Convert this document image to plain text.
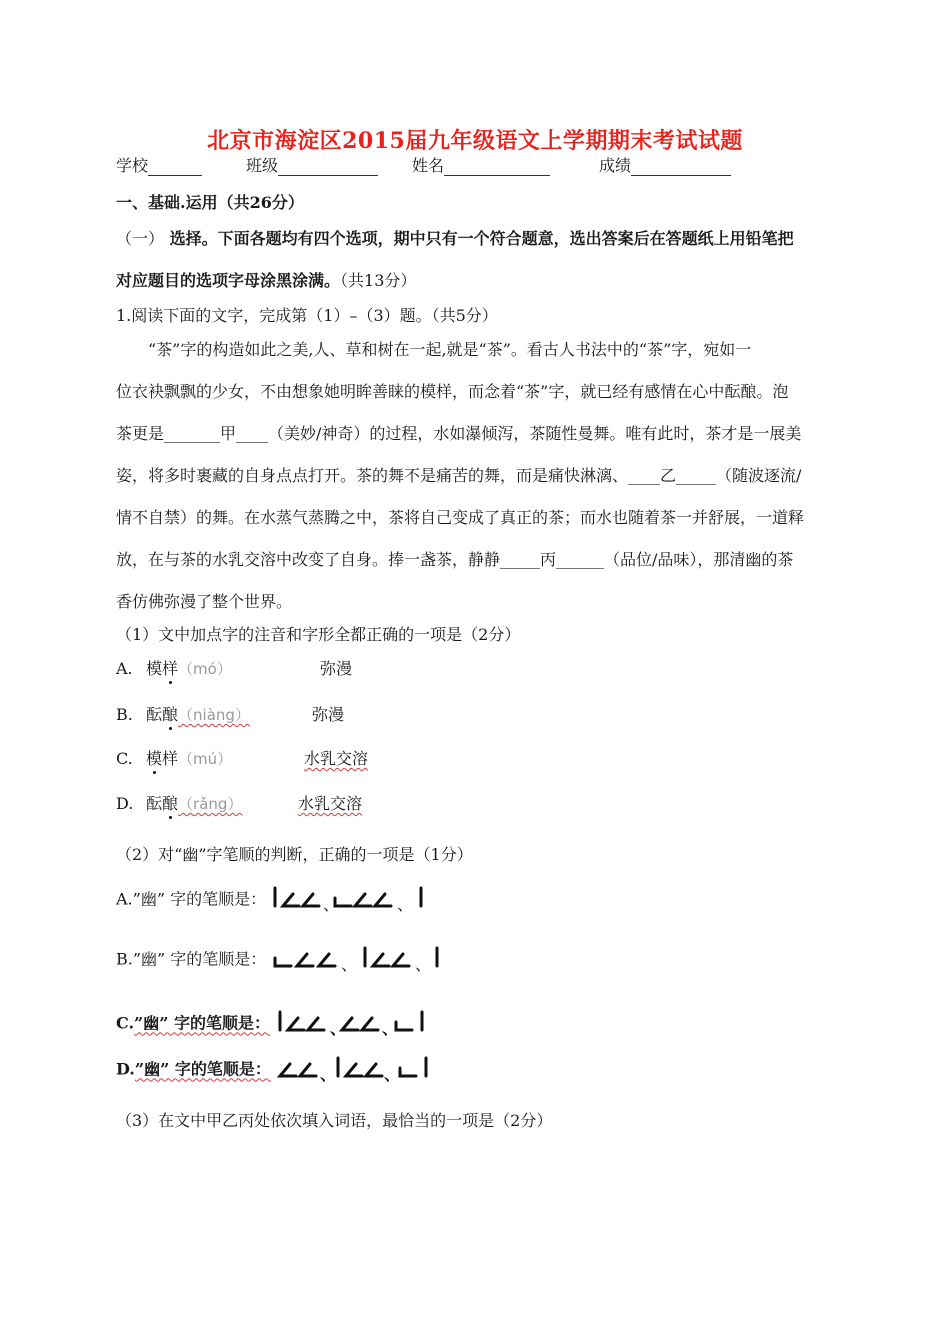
北京市海淀区2015届九年级语文上学期期末考试试题
学校	班级	姓名	成绩
一、基础.运用（共26分）
（一） 选择。下面各题均有四个选项，期中只有一个符合题意，选出答案后在答题纸上用铅笔把
对应题目的选项字母涂黑涂满。（共13分）
1.阅读下面的文字，完成第（1）–（3）题。（共5分）
“茶”字的构造如此之美,人、草和树在一起,就是“茶”。看古人书法中的“茶”字，宛如一
位衣袂飘飘的少女，不由想象她明眸善睐的模样，而念着“茶”字，就已经有感情在心中酝酿。泡
茶更是_______甲____（美妙/神奇）的过程，水如瀑倾泻，茶随性曼舞。唯有此时，茶才是一展美
姿，将多时裹藏的自身点点打开。茶的舞不是痛苦的舞，而是痛快淋漓、____乙_____（随波逐流/
情不自禁）的舞。在水蒸气蒸腾之中，茶将自己变成了真正的茶；而水也随着茶一并舒展，一道释
放，在与茶的水乳交溶中改变了自身。捧一盏茶，静静_____丙______（品位/品味），那清幽的茶
香仿佛弥漫了整个世界。
（1）文中加点字的注音和字形全都正确的一项是（2分）
A. 模样（mó）	弥漫
B. 酝酿（niàng）	弥漫
C. 模样（mú）	水乳交溶
D. 酝酿（rǎng）	水乳交溶
（2）对“幽”字笔顺的判断，正确的一项是（1分）
A.”幽” 字的笔顺是：	、	、
B.”幽” 字的笔顺是：	、	、
C.”幽” 字的笔顺是：	、 、
D.”幽” 字的笔顺是：	、	、
（3）在文中甲乙丙处依次填入词语，最恰当的一项是（2分）
